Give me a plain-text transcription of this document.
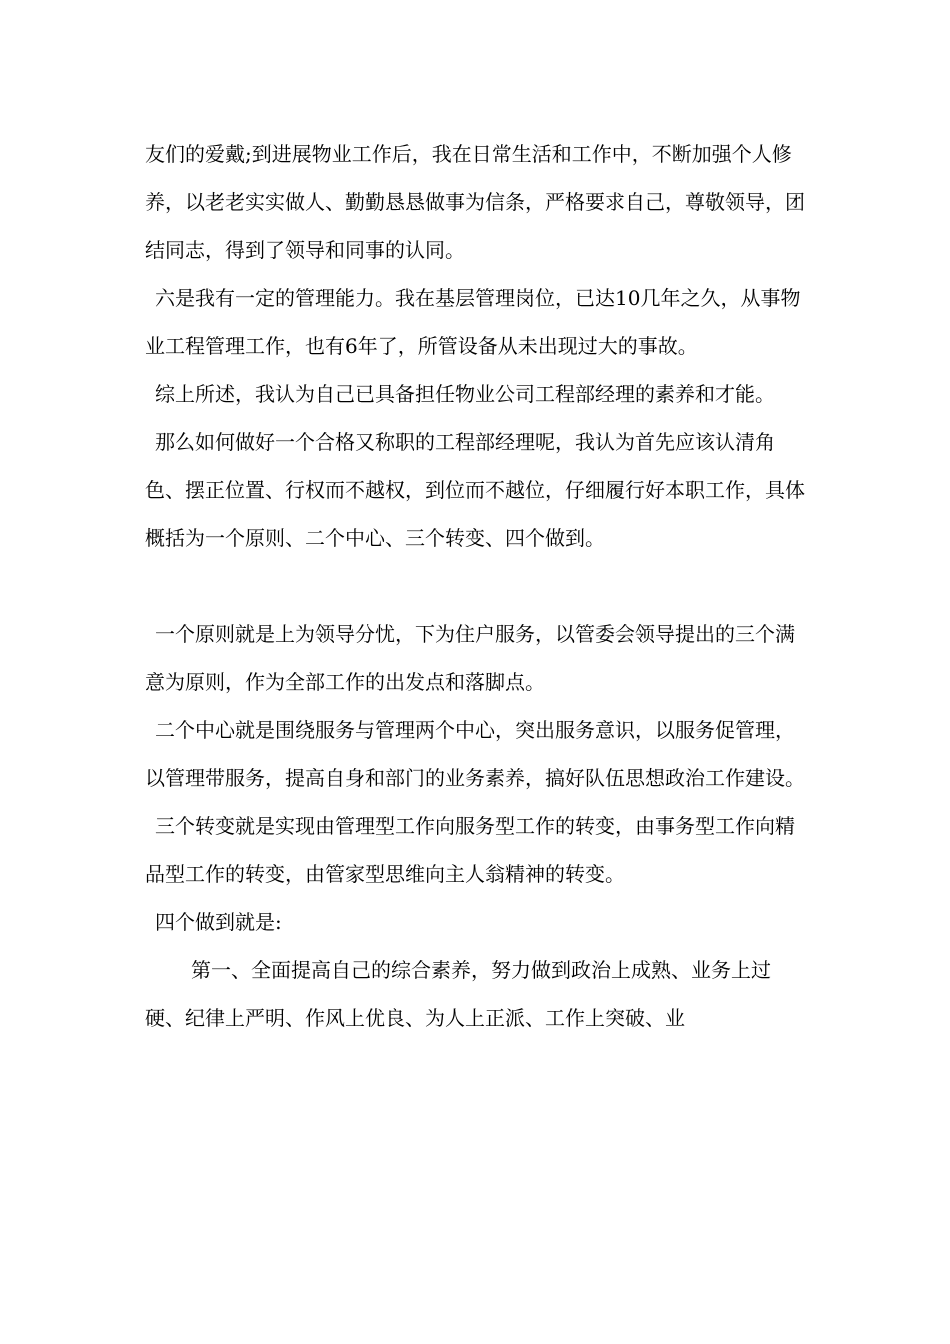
友们的爱戴;到进展物业工作后，我在日常生活和工作中，不断加强个人修养，以老老实实做人、勤勤恳恳做事为信条，严格要求自己，尊敬领导，团结同志，得到了领导和同事的认同。

六是我有一定的管理能力。我在基层管理岗位，已达10几年之久，从事物业工程管理工作，也有6年了，所管设备从未出现过大的事故。

综上所述，我认为自己已具备担任物业公司工程部经理的素养和才能。

那么如何做好一个合格又称职的工程部经理呢，我认为首先应该认清角色、摆正位置、行权而不越权，到位而不越位，仔细履行好本职工作，具体概括为一个原则、二个中心、三个转变、四个做到。

一个原则就是上为领导分忧，下为住户服务，以管委会领导提出的三个满意为原则，作为全部工作的出发点和落脚点。

二个中心就是围绕服务与管理两个中心，突出服务意识，以服务促管理，以管理带服务，提高自身和部门的业务素养，搞好队伍思想政治工作建设。

三个转变就是实现由管理型工作向服务型工作的转变，由事务型工作向精品型工作的转变，由管家型思维向主人翁精神的转变。

四个做到就是:

第一、全面提高自己的综合素养，努力做到政治上成熟、业务上过硬、纪律上严明、作风上优良、为人上正派、工作上突破、业
